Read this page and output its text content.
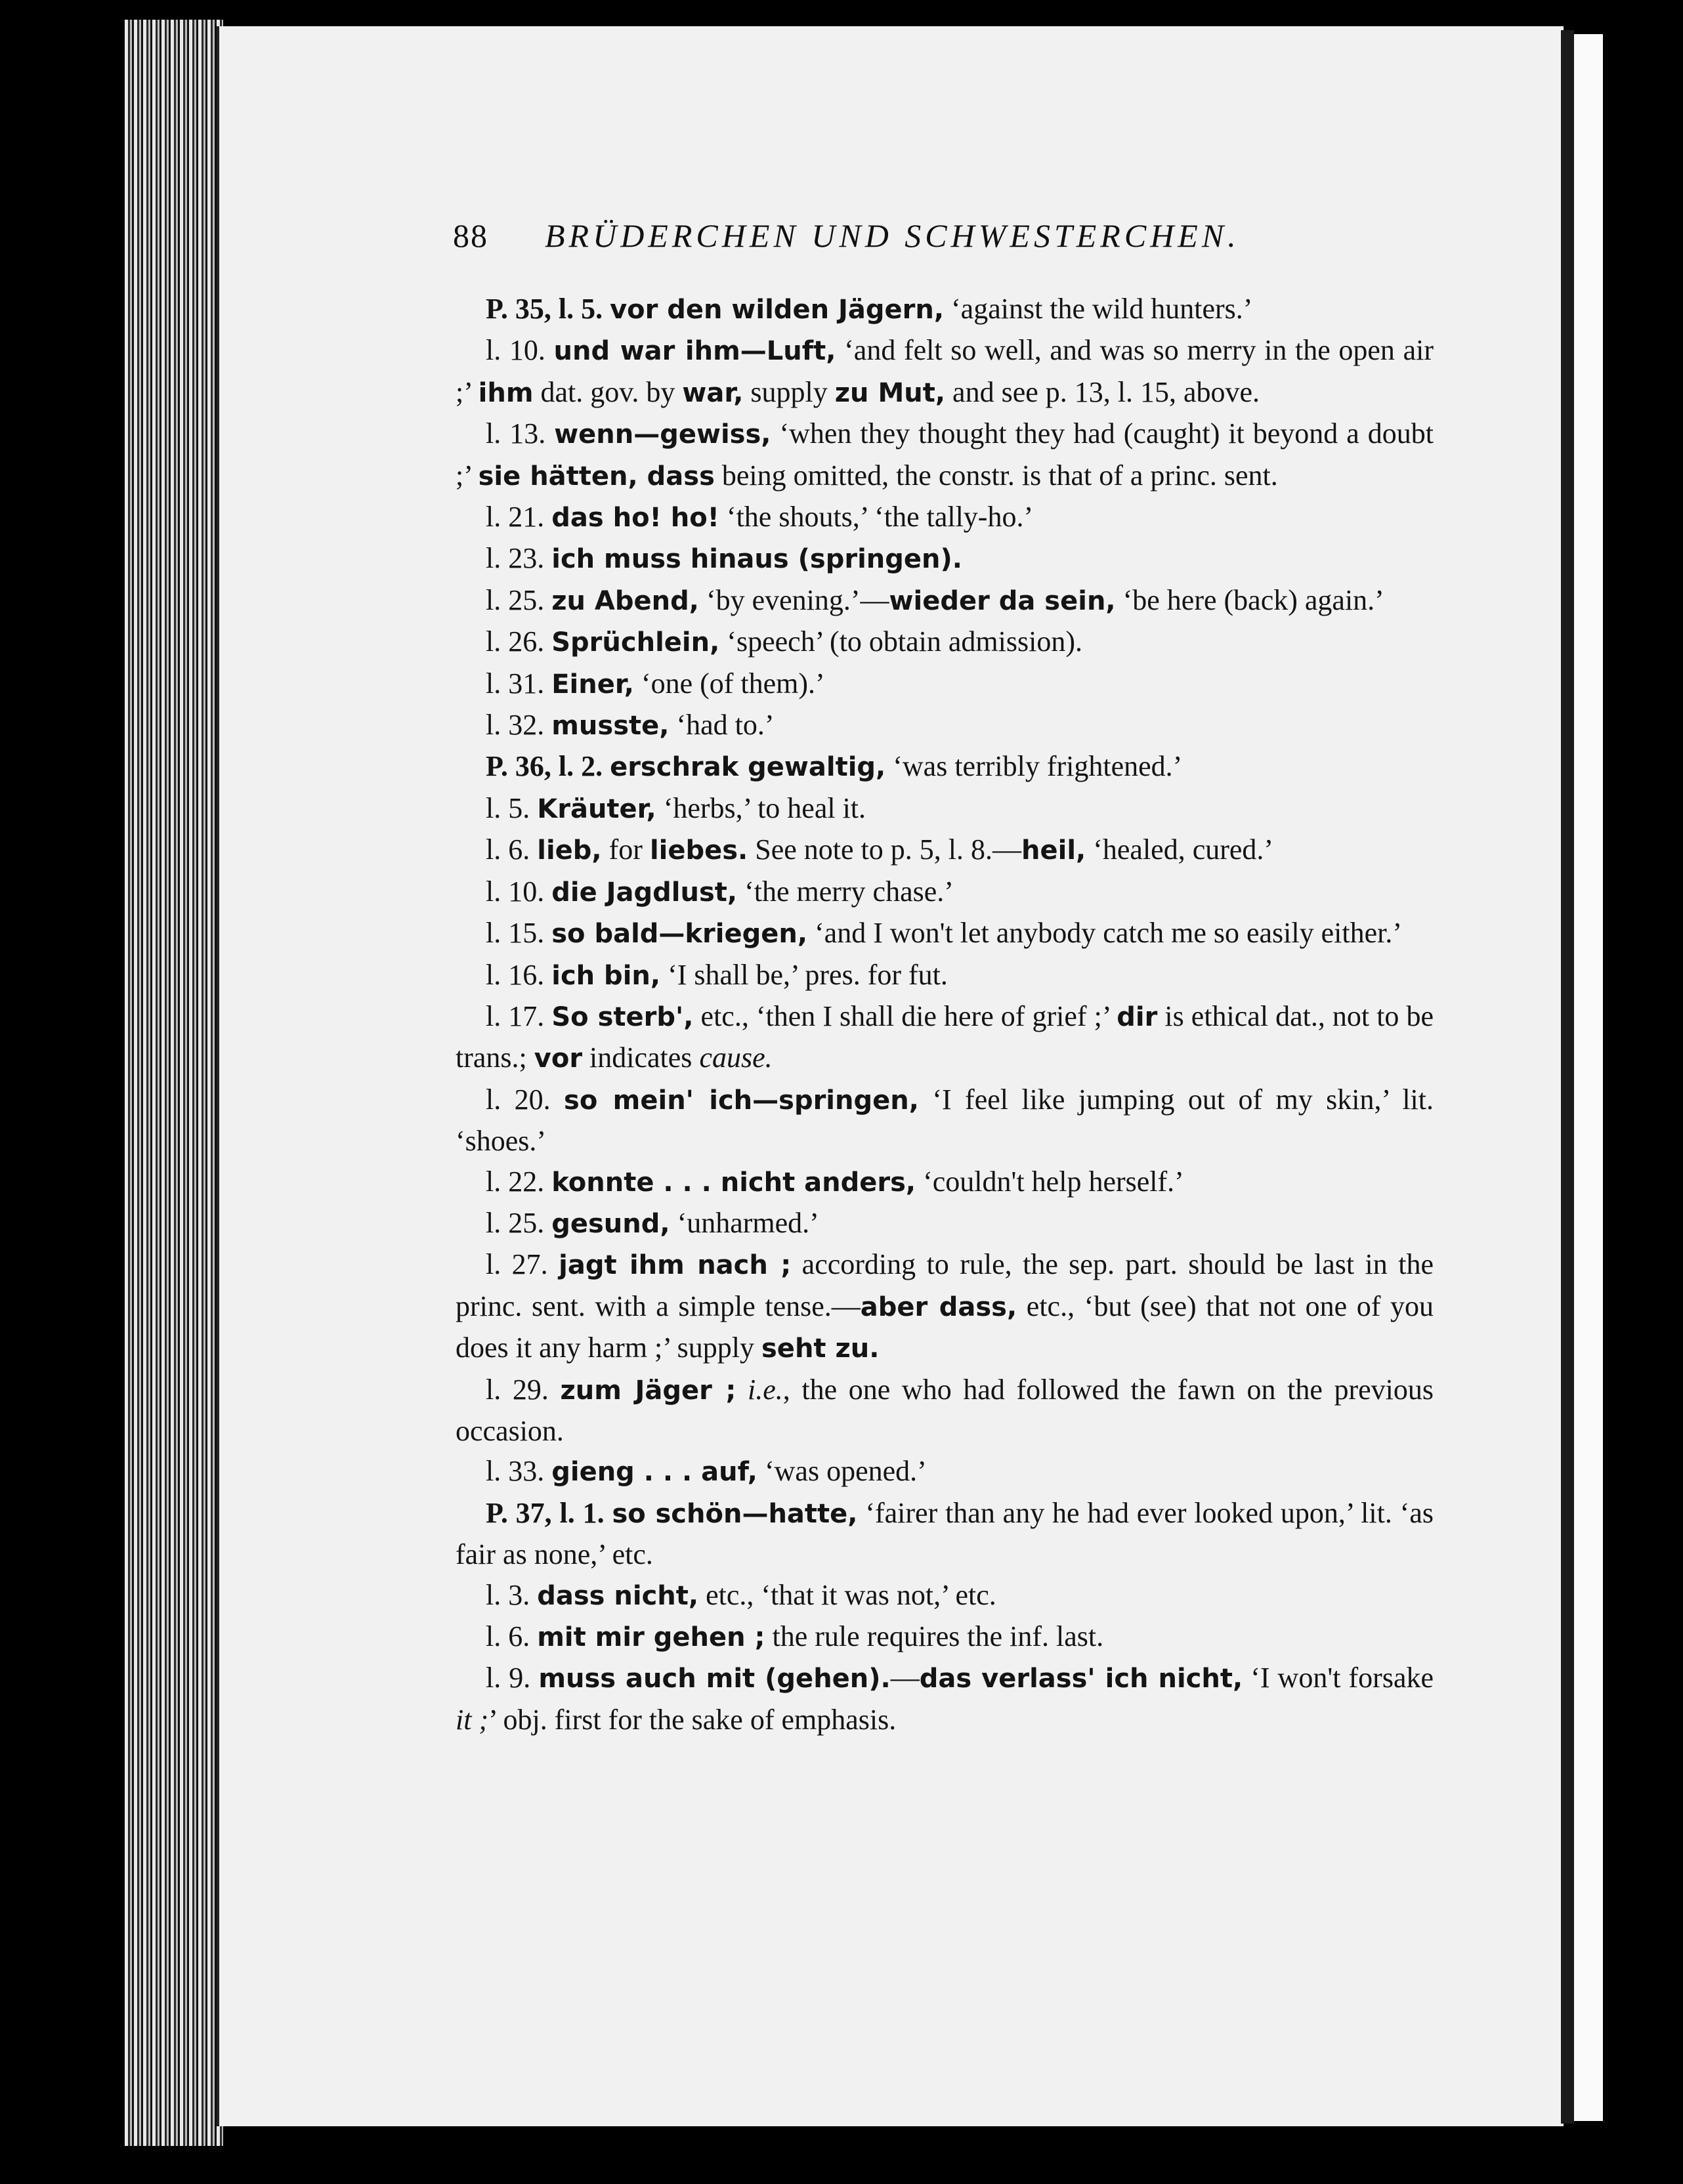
88 BRÜDERCHEN UND SCHWESTERCHEN.

P. 35, l. 5. vor den wilden Jägern, ‘against the wild hunters.’

l. 10. und war ihm—Luft, ‘and felt so well, and was so merry in the open air ;’ ihm dat. gov. by war, supply zu Mut, and see p. 13, l. 15, above.

l. 13. wenn—gewiss, ‘when they thought they had (caught) it beyond a doubt ;’ sie hätten, dass being omitted, the constr. is that of a princ. sent.

l. 21. das ho! ho! ‘the shouts,’ ‘the tally-ho.’

l. 23. ich muss hinaus (springen).

l. 25. zu Abend, ‘by evening.’—wieder da sein, ‘be here (back) again.’

l. 26. Sprüchlein, ‘speech’ (to obtain admission).

l. 31. Einer, ‘one (of them).’

l. 32. musste, ‘had to.’

P. 36, l. 2. erschrak gewaltig, ‘was terribly frightened.’

l. 5. Kräuter, ‘herbs,’ to heal it.

l. 6. lieb, for liebes. See note to p. 5, l. 8.—heil, ‘healed, cured.’

l. 10. die Jagdlust, ‘the merry chase.’

l. 15. so bald—kriegen, ‘and I won't let anybody catch me so easily either.’

l. 16. ich bin, ‘I shall be,’ pres. for fut.

l. 17. So sterb', etc., ‘then I shall die here of grief ;’ dir is ethical dat., not to be trans.; vor indicates cause.

l. 20. so mein' ich—springen, ‘I feel like jumping out of my skin,’ lit. ‘shoes.’

l. 22. konnte . . . nicht anders, ‘couldn't help herself.’

l. 25. gesund, ‘unharmed.’

l. 27. jagt ihm nach ; according to rule, the sep. part. should be last in the princ. sent. with a simple tense.—aber dass, etc., ‘but (see) that not one of you does it any harm ;’ supply seht zu.

l. 29. zum Jäger ; i.e., the one who had followed the fawn on the previous occasion.

l. 33. gieng . . . auf, ‘was opened.’

P. 37, l. 1. so schön—hatte, ‘fairer than any he had ever looked upon,’ lit. ‘as fair as none,’ etc.

l. 3. dass nicht, etc., ‘that it was not,’ etc.

l. 6. mit mir gehen ; the rule requires the inf. last.

l. 9. muss auch mit (gehen).—das verlass' ich nicht, ‘I won't forsake it ;’ obj. first for the sake of emphasis.
